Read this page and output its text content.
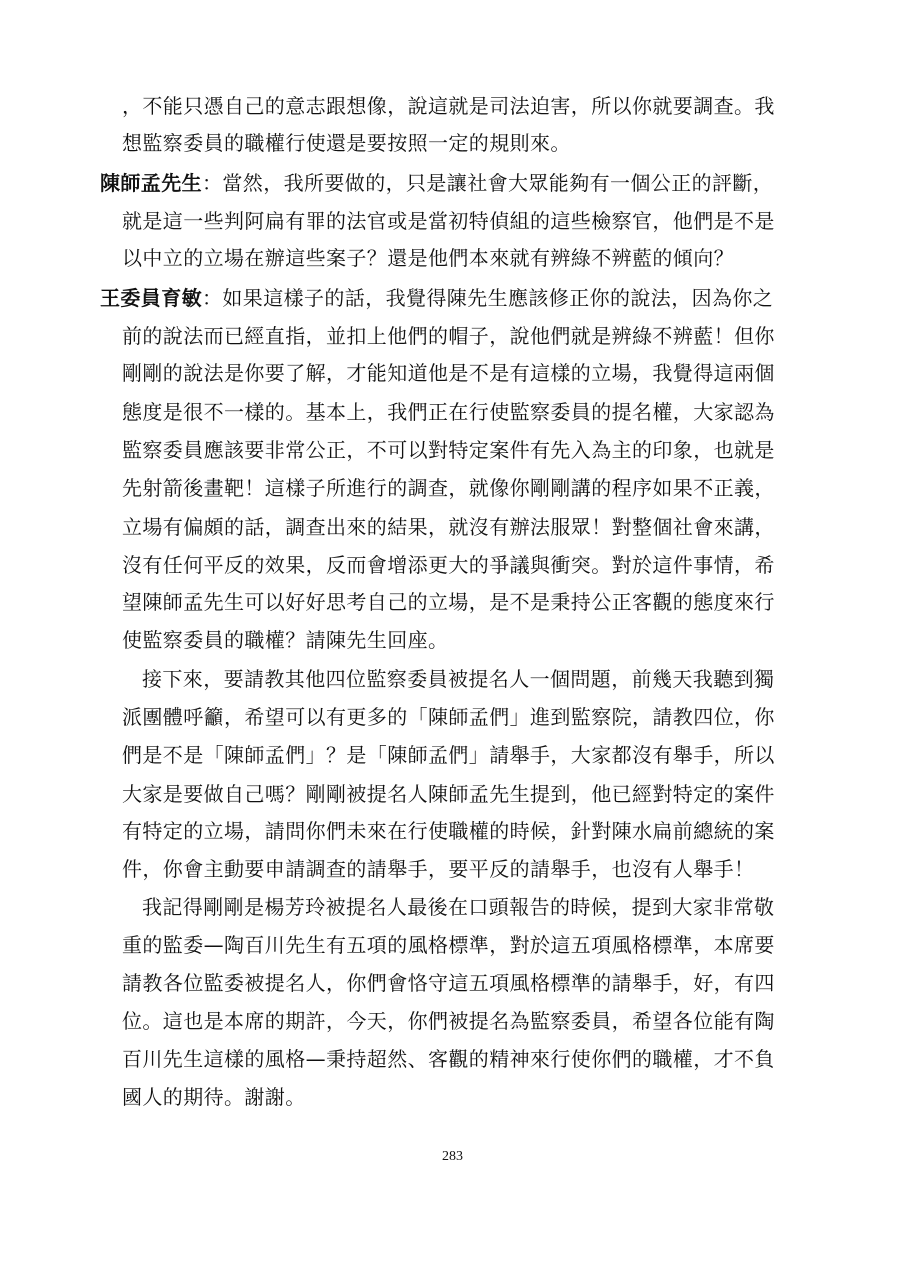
，不能只憑自己的意志跟想像，說這就是司法迫害，所以你就要調查。我
想監察委員的職權行使還是要按照一定的規則來。
陳師孟先生：當然，我所要做的，只是讓社會大眾能夠有一個公正的評斷，
就是這一些判阿扁有罪的法官或是當初特偵組的這些檢察官，他們是不是
以中立的立場在辦這些案子？還是他們本來就有辨綠不辨藍的傾向？
王委員育敏：如果這樣子的話，我覺得陳先生應該修正你的說法，因為你之
前的說法而已經直指，並扣上他們的帽子，說他們就是辨綠不辨藍！但你
剛剛的說法是你要了解，才能知道他是不是有這樣的立場，我覺得這兩個
態度是很不一樣的。基本上，我們正在行使監察委員的提名權，大家認為
監察委員應該要非常公正，不可以對特定案件有先入為主的印象，也就是
先射箭後畫靶！這樣子所進行的調查，就像你剛剛講的程序如果不正義，
立場有偏頗的話，調查出來的結果，就沒有辦法服眾！對整個社會來講，
沒有任何平反的效果，反而會增添更大的爭議與衝突。對於這件事情，希
望陳師孟先生可以好好思考自己的立場，是不是秉持公正客觀的態度來行
使監察委員的職權？請陳先生回座。
接下來，要請教其他四位監察委員被提名人一個問題，前幾天我聽到獨
派團體呼籲，希望可以有更多的「陳師孟們」進到監察院，請教四位，你
們是不是「陳師孟們」？是「陳師孟們」請舉手，大家都沒有舉手，所以
大家是要做自己嗎？剛剛被提名人陳師孟先生提到，他已經對特定的案件
有特定的立場，請問你們未來在行使職權的時候，針對陳水扁前總統的案
件，你會主動要申請調查的請舉手，要平反的請舉手，也沒有人舉手！
我記得剛剛是楊芳玲被提名人最後在口頭報告的時候，提到大家非常敬
重的監委—陶百川先生有五項的風格標準，對於這五項風格標準，本席要
請教各位監委被提名人，你們會恪守這五項風格標準的請舉手，好，有四
位。這也是本席的期許，今天，你們被提名為監察委員，希望各位能有陶
百川先生這樣的風格—秉持超然、客觀的精神來行使你們的職權，才不負
國人的期待。謝謝。
283
